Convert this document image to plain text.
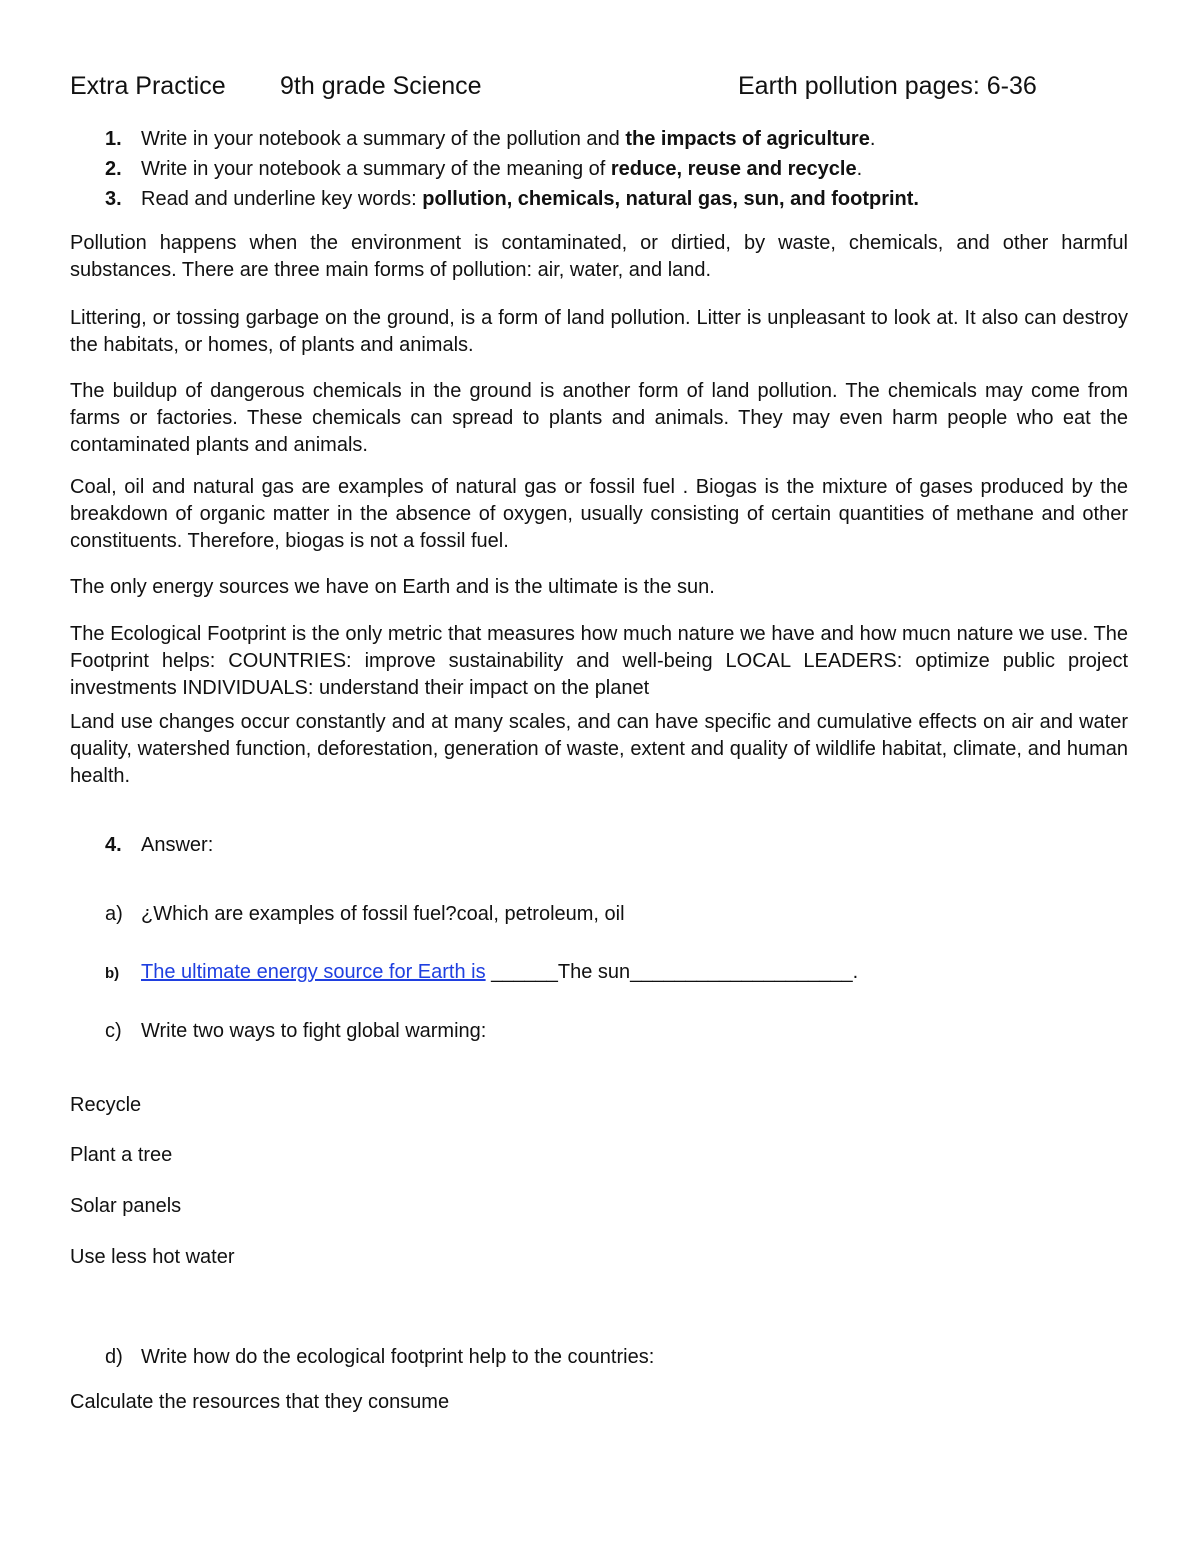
Extra Practice 9th grade Science	Earth pollution pages: 6-36
1. Write in your notebook a summary of the pollution and the impacts of agriculture.
2. Write in your notebook a summary of the meaning of reduce, reuse and recycle.
3. Read and underline key words: pollution, chemicals, natural gas, sun, and footprint.

Pollution happens when the environment is contaminated, or dirtied, by waste, chemicals, and other harmful substances. There are three main forms of pollution: air, water, and land.

Littering, or tossing garbage on the ground, is a form of land pollution. Litter is unpleasant to look at. It also can destroy the habitats, or homes, of plants and animals.

The buildup of dangerous chemicals in the ground is another form of land pollution. The chemicals may come from farms or factories. These chemicals can spread to plants and animals. They may even harm people who eat the contaminated plants and animals.

Coal, oil and natural gas are examples of natural gas or fossil fuel . Biogas is the mixture of gases produced by the breakdown of organic matter in the absence of oxygen, usually consisting of certain quantities of methane and other constituents. Therefore, biogas is not a fossil fuel.

The only energy sources we have on Earth and is the ultimate is the sun.

The Ecological Footprint is the only metric that measures how much nature we have and how mucn nature we use. The Footprint helps: COUNTRIES: improve sustainability and well-being LOCAL LEADERS: optimize public project investments INDIVIDUALS: understand their impact on the planet

Land use changes occur constantly and at many scales, and can have specific and cumulative effects on air and water quality, watershed function, deforestation, generation of waste, extent and quality of wildlife habitat, climate, and human health.

4. Answer:
a) ¿Which are examples of fossil fuel?coal, petroleum, oil
b) The ultimate energy source for Earth is ______The sun____________________.
c) Write two ways to fight global warming:
Recycle
Plant a tree
Solar panels
Use less hot water
d) Write how do the ecological footprint help to the countries:
Calculate the resources that they consume
